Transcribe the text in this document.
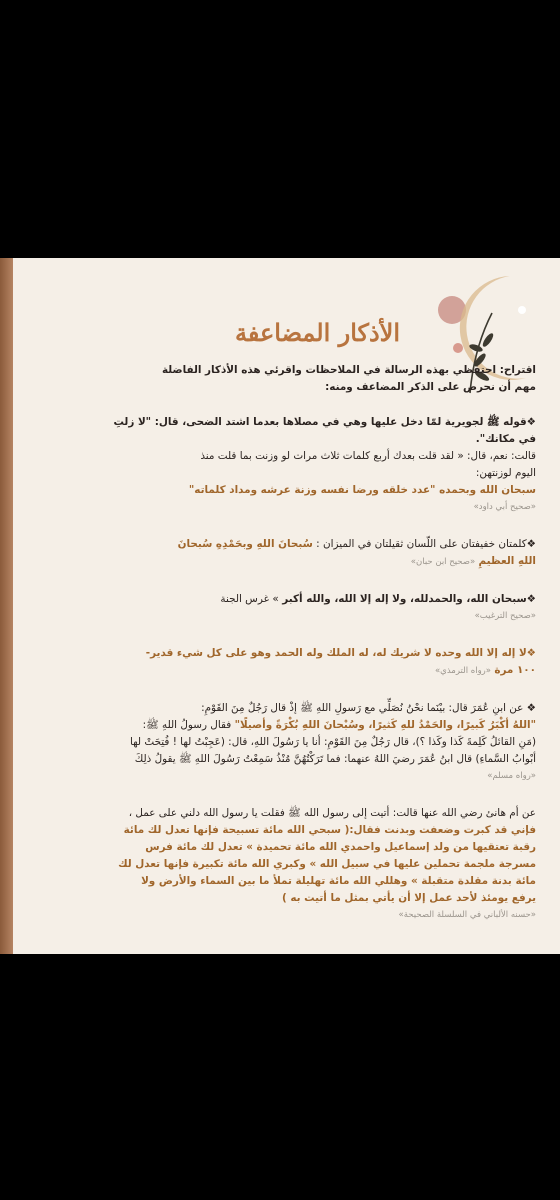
الأذكار المضاعفة

اقتراح: احتفظي بهذه الرسالة في الملاحظات واقرئي هذه الأذكار الفاضلة

مهم أن نحرص على الذكر المضاعف ومنه:

❖قوله ﷺ لجويرية لمّا دخل عليها وهي في مصلاها بعدما اشتد الضحى، قال: "لا زلتِ

في مكانك".

قالت: نعم، قال: « لقد قلت بعدك أربع كلمات ثلاث مرات لو وزنت بما قلت منذ

اليوم لوزنتهن:

سبحان الله وبحمده "عدد خلقه ورضا نفسه وزنة عرشه ومداد كلماته"

«صحيح أبي داود»

❖كلمتان خفيفتان على اللّسان ثقيلتان في الميزان : سُبحانَ اللهِ وبحَمْدِهِ سُبحانَ

اللهِ العظيمِ «صحيح ابن حبان»

❖سبحان الله، والحمدلله، ولا إله إلا الله، والله أكبر » غرس الجنة

«صحيح الترغيب»

❖لا إله إلا الله وحده لا شريك له، له الملك وله الحمد وهو على كل شيء قدير-

١٠٠ مرة «رواه الترمذي»

❖ عن ابنِ عُمَرَ قال: بيْنَما نحْنُ نُصَلِّي مع رَسولِ اللهِ ﷺ إذْ قال رَجُلٌ مِنَ القَوْمِ:

"اللهُ أكْبَرُ كَبيرًا، والحَمْدُ للهِ كَثيرًا، وسُبْحانَ اللهِ بُكْرَةً وأصيلًا" فقال رسولُ اللهِ ﷺ:

(مَنِ القائلُ كَلِمةَ كَذا وكَذا ؟)، قال رَجُلٌ مِنَ القَوْمِ: أنا يا رَسُولَ اللهِ، قال: (عَجِبْتُ لها ! فُتِحَتْ لها

أبْوابُ السَّماءِ) قال ابنُ عُمَرَ رضيَ اللهُ عنهما: فما تَرَكْتُهُنَّ مُنْذُ سَمِعْتُ رَسُولَ اللهِ ﷺ يقولُ ذلِكَ

«رواه مسلم»

عن أم هانئ رضي الله عنها قالت: أتيت إلى رسول الله ﷺ فقلت يا رسول الله دلني على عمل ،

فإني قد كبرت وضعفت وبدنت فقال:( سبحي الله مائة تسبيحة فإنها تعدل لك مائة

رقبة تعتقيها من ولد إسماعيل واحمدي الله مائة تحميدة » تعدل لك مائة فرس

مسرجة ملجمة تحملين عليها في سبيل الله » وكبري الله مائة تكبيرة فإنها تعدل لك

مائة بدنة مقلدة متقبلة » وهللي الله مائة تهليلة تملأ ما بين السماء والأرض ولا

يرفع يومئذ لأحد عمل إلا أن يأتي بمثل ما أتيت به )

«حسنه الألباني في السلسلة الصحيحة»
